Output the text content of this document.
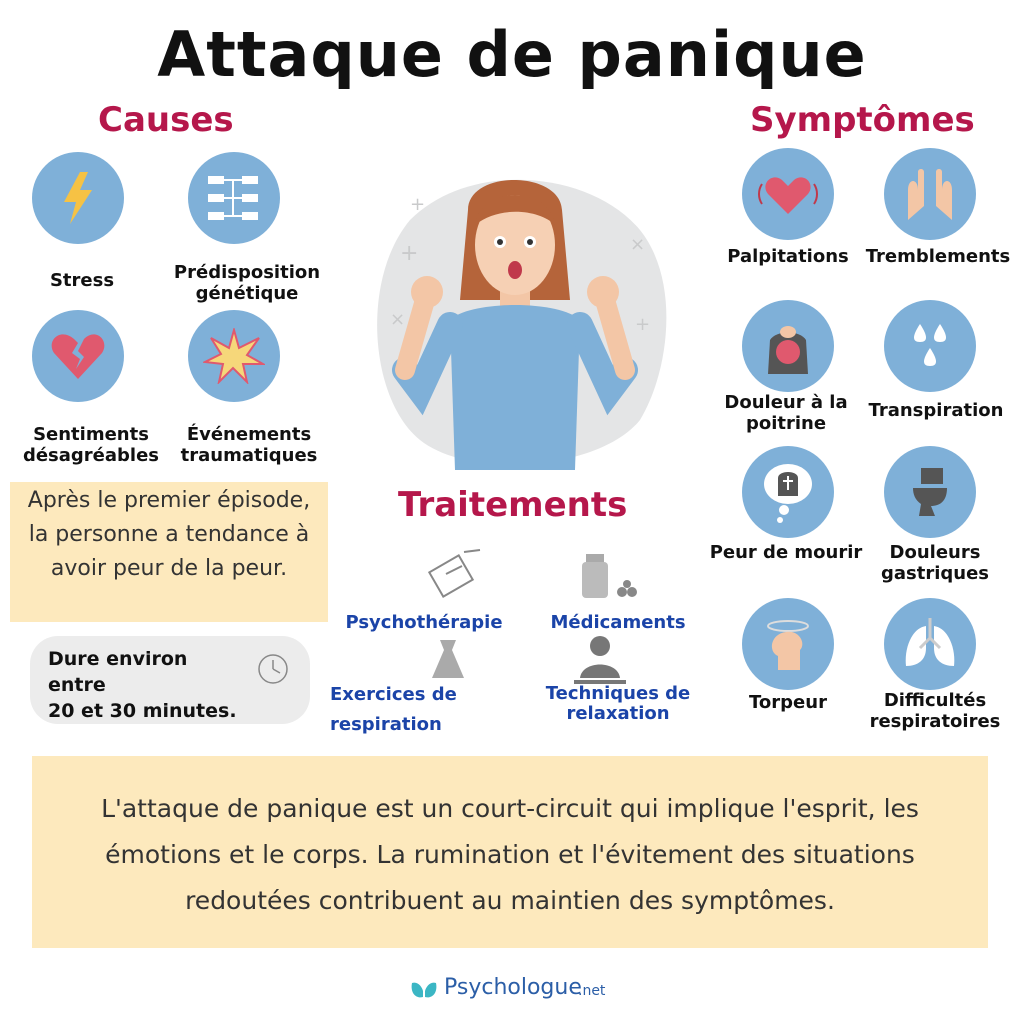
Attaque de panique
Causes
Stress	Prédisposition génétique
Sentiments désagréables
Événements traumatiques
Après le premier épisode, la personne a tendance à avoir peur de la peur.
Dure environ
entre
20 et 30 minutes.
+
+	×
+
×
Traitements
Psychothérapie	Médicaments
Exercices de respiration
Techniques de relaxation
Symptômes
Palpitations
Douleur à la poitrine
Peur de mourir
Torpeur
Tremblements
Transpiration
Douleurs gastriques
Difficultés respiratoires
L'attaque de panique est un court-circuit qui implique l'esprit, les émotions et le corps. La rumination et l'évitement des situations redoutées contribuent au maintien des symptômes.
Psychologue
.net
